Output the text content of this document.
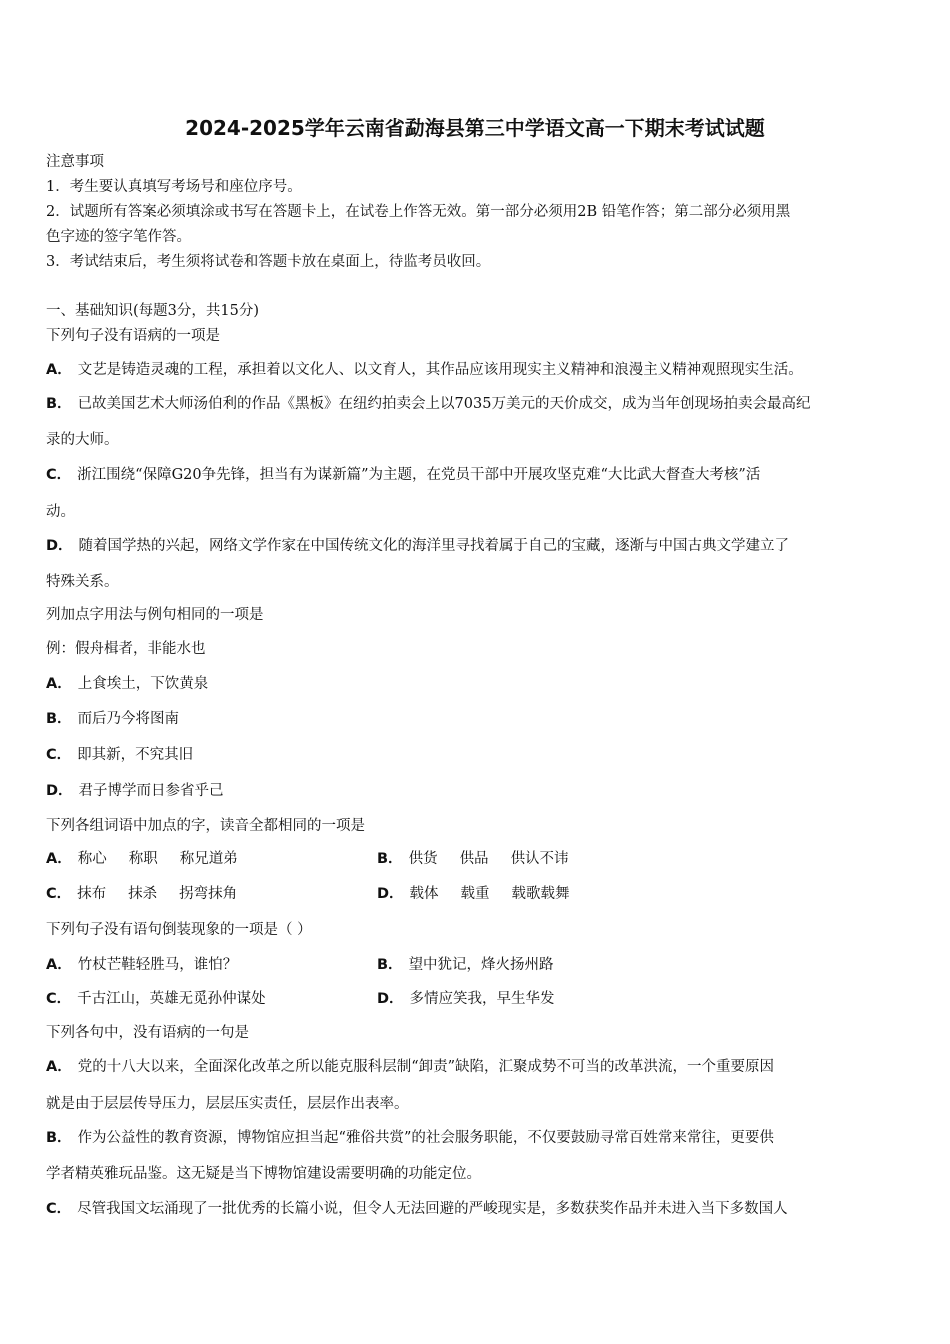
2024-2025学年云南省勐海县第三中学语文高一下期末考试试题
注意事项
1．考生要认真填写考场号和座位序号。
2．试题所有答案必须填涂或书写在答题卡上，在试卷上作答无效。第一部分必须用2B 铅笔作答；第二部分必须用黑
色字迹的签字笔作答。
3．考试结束后，考生须将试卷和答题卡放在桌面上，待监考员收回。
一、基础知识(每题3分，共15分)
下列句子没有语病的一项是
A． 文艺是铸造灵魂的工程，承担着以文化人、以文育人，其作品应该用现实主义精神和浪漫主义精神观照现实生活。
B． 已故美国艺术大师汤伯利的作品《黑板》在纽约拍卖会上以7035万美元的天价成交，成为当年创现场拍卖会最高纪
录的大师。
C． 浙江围绕“保障G20争先锋，担当有为谋新篇”为主题，在党员干部中开展攻坚克难“大比武大督查大考核”活
动。
D． 随着国学热的兴起，网络文学作家在中国传统文化的海洋里寻找着属于自己的宝藏，逐渐与中国古典文学建立了
特殊关系。
列加点字用法与例句相同的一项是
例：假舟楫者，非能水也
A． 上食埃土，下饮黄泉
B． 而后乃今将图南
C． 即其新，不究其旧
D． 君子博学而日参省乎己
下列各组词语中加点的字，读音全都相同的一项是
A． 称心 称职 称兄道弟	B． 供货 供品 供认不讳
C． 抹布 抹杀 拐弯抹角	D． 载体 载重 载歌载舞
下列句子没有语句倒装现象的一项是（ ）
A． 竹杖芒鞋轻胜马，谁怕？	B． 望中犹记，烽火扬州路
C． 千古江山，英雄无觅孙仲谋处	D． 多情应笑我，早生华发
下列各句中，没有语病的一句是
A． 党的十八大以来，全面深化改革之所以能克服科层制“卸责”缺陷，汇聚成势不可当的改革洪流，一个重要原因
就是由于层层传导压力，层层压实责任，层层作出表率。
B． 作为公益性的教育资源，博物馆应担当起“雅俗共赏”的社会服务职能，不仅要鼓励寻常百姓常来常往，更要供
学者精英雅玩品鉴。这无疑是当下博物馆建设需要明确的功能定位。
C． 尽管我国文坛涌现了一批优秀的长篇小说，但令人无法回避的严峻现实是，多数获奖作品并未进入当下多数国人
